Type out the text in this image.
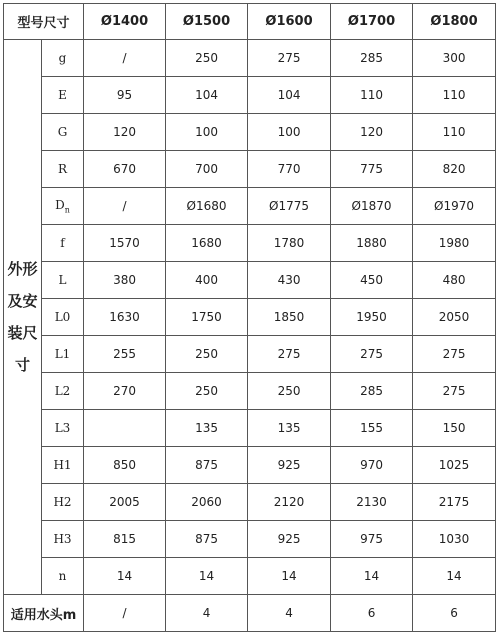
型号尺寸		Ø1400	Ø1500	Ø1600	Ø1700	Ø1800
外形及安装尺寸	g	/	250	275	285	300
	E	95	104	104	110	110
	G	120	100	100	120	110
	R	670	700	770	775	820
	$D_n$	/	Ø1680	Ø1775	Ø1870	Ø1970
	f	1570	1680	1780	1880	1980
	L	380	400	430	450	480
	L0	1630	1750	1850	1950	2050
	L1	255	250	275	275	275
	L2	270	250	250	285	275
	L3		135	135	155	150
	H1	850	875	925	970	1025
	H2	2005	2060	2120	2130	2175
	H3	815	875	925	975	1030
	n	14	14	14	14	14
适用水头m		/	4	4	6	6
